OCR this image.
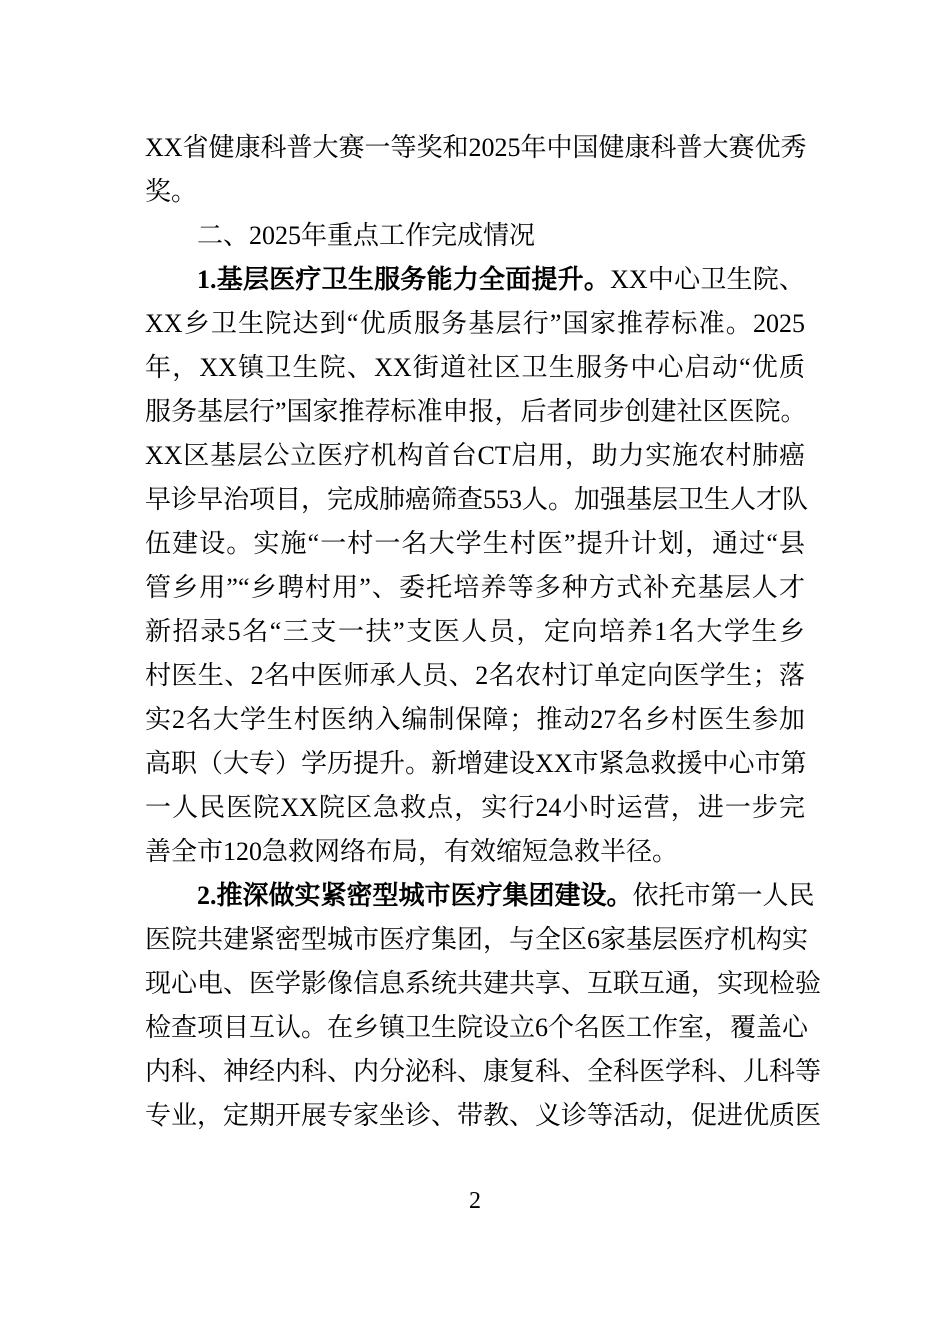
XX省健康科普大赛一等奖和2025年中国健康科普大赛优秀
奖。
二、2025年重点工作完成情况
1.基层医疗卫生服务能力全面提升。XX中心卫生院、
XX乡卫生院达到“优质服务基层行”国家推荐标准。2025
年，XX镇卫生院、XX街道社区卫生服务中心启动“优质
服务基层行”国家推荐标准申报，后者同步创建社区医院。
XX区基层公立医疗机构首台CT启用，助力实施农村肺癌
早诊早治项目，完成肺癌筛查553人。加强基层卫生人才队
伍建设。实施“一村一名大学生村医”提升计划，通过“县
管乡用”“乡聘村用”、委托培养等多种方式补充基层人才
新招录5名“三支一扶”支医人员，定向培养1名大学生乡
村医生、2名中医师承人员、2名农村订单定向医学生；落
实2名大学生村医纳入编制保障；推动27名乡村医生参加
高职（大专）学历提升。新增建设XX市紧急救援中心市第
一人民医院XX院区急救点，实行24小时运营，进一步完
善全市120急救网络布局，有效缩短急救半径。
2.推深做实紧密型城市医疗集团建设。依托市第一人民
医院共建紧密型城市医疗集团，与全区6家基层医疗机构实
现心电、医学影像信息系统共建共享、互联互通，实现检验
检查项目互认。在乡镇卫生院设立6个名医工作室，覆盖心
内科、神经内科、内分泌科、康复科、全科医学科、儿科等
专业，定期开展专家坐诊、带教、义诊等活动，促进优质医
2
